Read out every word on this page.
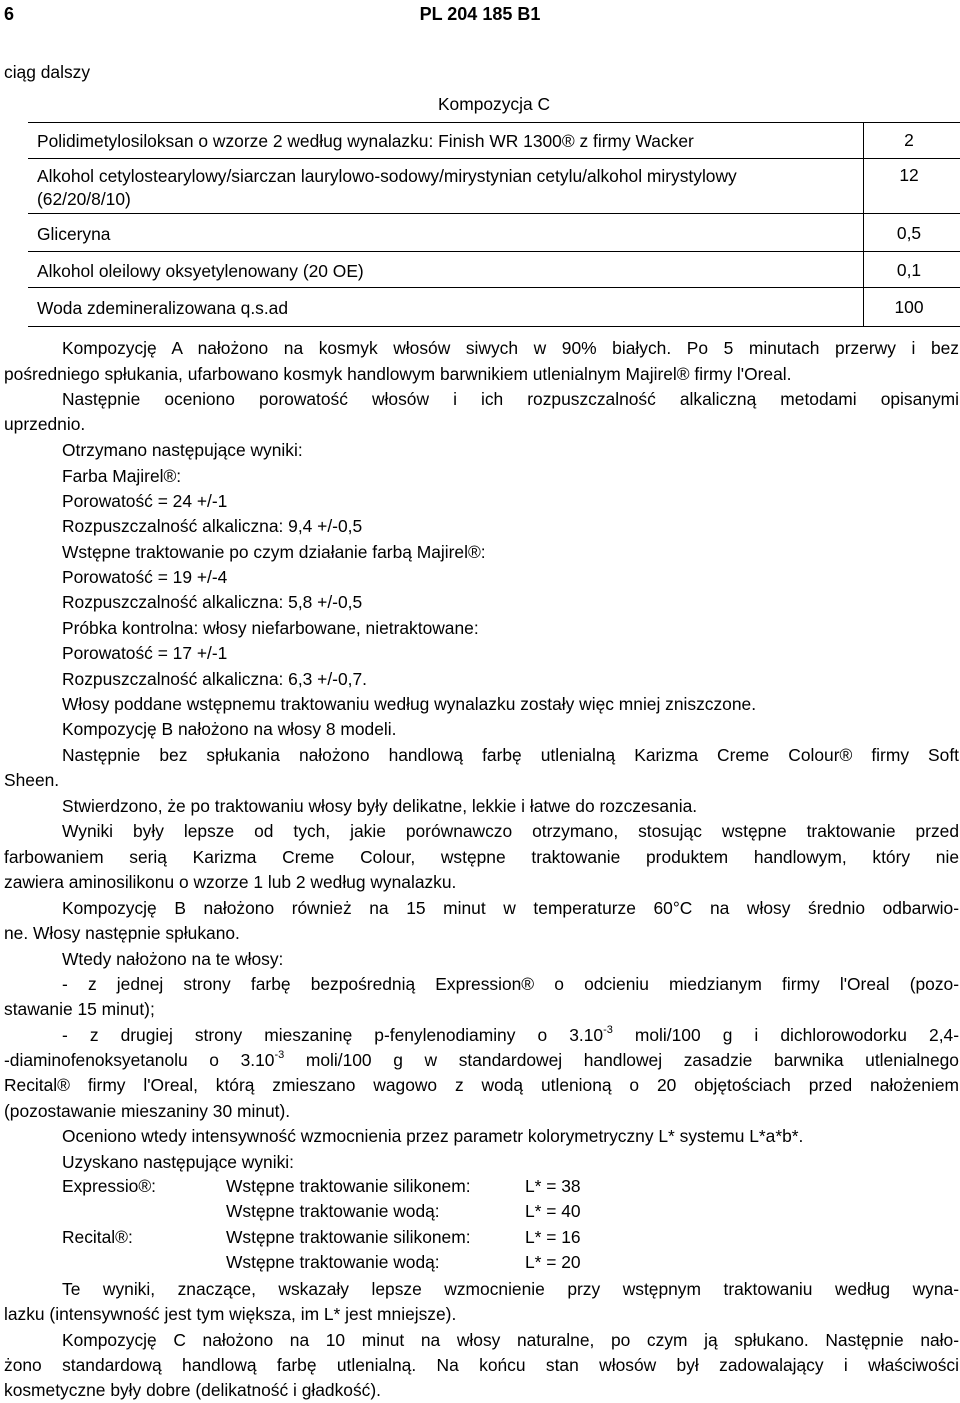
6	PL 204 185 B1
ciąg dalszy
Kompozycja C
Polidimetylosiloksan o wzorze 2 według wynalazku: Finish WR 1300® z firmy Wacker	2
Alkohol cetylostearylowy/siarczan laurylowo-sodowy/mirystynian cetylu/alkohol mirystylowy
(62/20/8/10)
12
Gliceryna	0,5
Alkohol oleilowy oksyetylenowany (20 OE)	0,1
Woda zdemineralizowana q.s.ad	100
Kompozycję A nałożono na kosmyk włosów siwych w 90% białych. Po 5 minutach przerwy i bez
pośredniego spłukania, ufarbowano kosmyk handlowym barwnikiem utlenialnym Majirel® firmy l'Oreal.
Następnie oceniono porowatość włosów i ich rozpuszczalność alkaliczną metodami opisanymi
uprzednio.
Otrzymano następujące wyniki:
Farba Majirel®:
Porowatość = 24 +/-1
Rozpuszczalność alkaliczna: 9,4 +/-0,5
Wstępne traktowanie po czym działanie farbą Majirel®:
Porowatość = 19 +/-4
Rozpuszczalność alkaliczna: 5,8 +/-0,5
Próbka kontrolna: włosy niefarbowane, nietraktowane:
Porowatość = 17 +/-1
Rozpuszczalność alkaliczna: 6,3 +/-0,7.
Włosy poddane wstępnemu traktowaniu według wynalazku zostały więc mniej zniszczone.
Kompozycję B nałożono na włosy 8 modeli.
Następnie bez spłukania nałożono handlową farbę utlenialną Karizma Creme Colour® firmy Soft
Sheen.
Stwierdzono, że po traktowaniu włosy były delikatne, lekkie i łatwe do rozczesania.
Wyniki były lepsze od tych, jakie porównawczo otrzymano, stosując wstępne traktowanie przed
farbowaniem serią Karizma Creme Colour, wstępne traktowanie produktem handlowym, który nie
zawiera aminosilikonu o wzorze 1 lub 2 według wynalazku.
Kompozycję B nałożono również na 15 minut w temperaturze 60°C na włosy średnio odbarwio-
ne. Włosy następnie spłukano.
Wtedy nałożono na te włosy:
- z jednej strony farbę bezpośrednią Expression® o odcieniu miedzianym firmy l'Oreal (pozo-
stawanie 15 minut);
- z drugiej strony mieszaninę p-fenylenodiaminy o $3.10^{-3}$ moli/100 g i dichlorowodorku 2,4-
-diaminofenoksyetanolu o $3.10^{-3}$ moli/100 g w standardowej handlowej zasadzie barwnika utlenialnego
Recital® firmy l'Oreal, którą zmieszano wagowo z wodą utlenioną o 20 objętościach przed nałożeniem
(pozostawanie mieszaniny 30 minut).
Oceniono wtedy intensywność wzmocnienia przez parametr kolorymetryczny L* systemu L*a*b*.
Uzyskano następujące wyniki:
Expressio®:	Wstępne traktowanie silikonem:	L* = 38
Wstępne traktowanie wodą:	L* = 40
Recital®:	Wstępne traktowanie silikonem:	L* = 16
Wstępne traktowanie wodą:	L* = 20
Te wyniki, znaczące, wskazały lepsze wzmocnienie przy wstępnym traktowaniu według wyna-
lazku (intensywność jest tym większa, im L* jest mniejsze).
Kompozycję C nałożono na 10 minut na włosy naturalne, po czym ją spłukano. Następnie nało-
żono standardową handlową farbę utlenialną. Na końcu stan włosów był zadowalający i właściwości
kosmetyczne były dobre (delikatność i gładkość).
